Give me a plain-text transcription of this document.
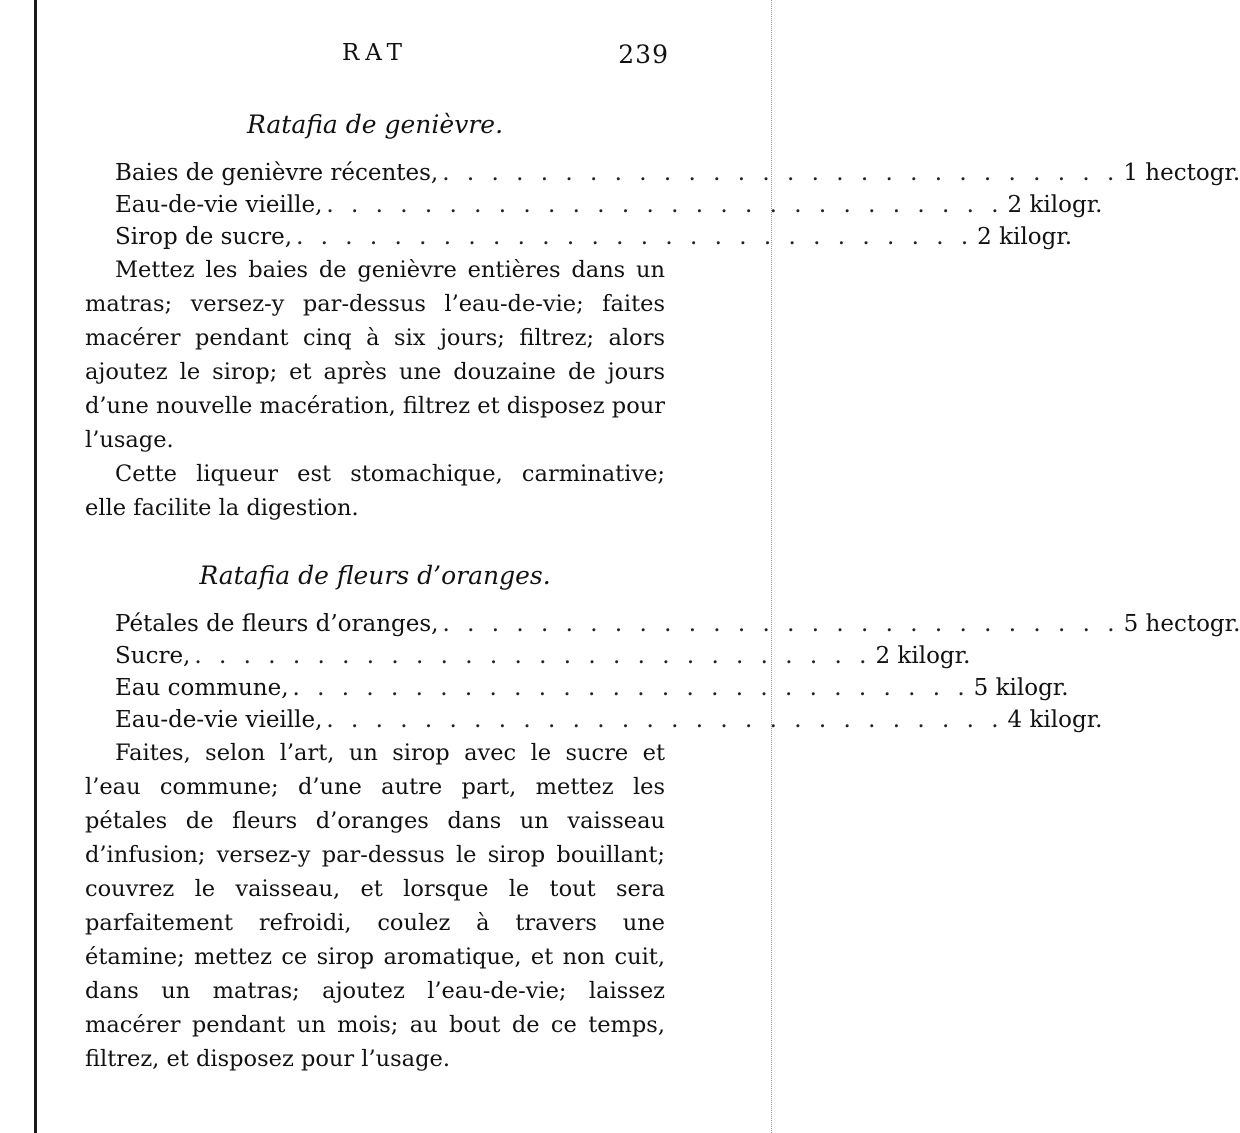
RAT	239
Ratafia de genièvre.
Baies de genièvre récentes, . . . . . . . . . . . . . . . . . . . . . . . . . . . . 1 hectogr.
Eau-de-vie vieille, . . . . . . . . . . . . . . . . . . . . . . . . . . . . 2 kilogr.
Sirop de sucre, . . . . . . . . . . . . . . . . . . . . . . . . . . . . 2 kilogr.

Mettez les baies de genièvre entières dans un matras; versez-y par-dessus l’eau-de-vie; faites macérer pendant cinq à six jours; filtrez; alors ajoutez le sirop; et après une douzaine de jours d’une nouvelle macération, filtrez et disposez pour l’usage.

Cette liqueur est stomachique, carminative; elle facilite la digestion.

Ratafia de fleurs d’oranges.
Pétales de fleurs d’oranges, . . . . . . . . . . . . . . . . . . . . . . . . . . . . 5 hectogr.
Sucre, . . . . . . . . . . . . . . . . . . . . . . . . . . . . 2 kilogr.
Eau commune, . . . . . . . . . . . . . . . . . . . . . . . . . . . . 5 kilogr.
Eau-de-vie vieille, . . . . . . . . . . . . . . . . . . . . . . . . . . . . 4 kilogr.

Faites, selon l’art, un sirop avec le sucre et l’eau commune; d’une autre part, mettez les pétales de fleurs d’oranges dans un vaisseau d’infusion; versez-y par-dessus le sirop bouillant; couvrez le vaisseau, et lorsque le tout sera parfaitement refroidi, coulez à travers une étamine; mettez ce sirop aromatique, et non cuit, dans un matras; ajoutez l’eau-de-vie; laissez macérer pendant un mois; au bout de ce temps, filtrez, et disposez pour l’usage.
